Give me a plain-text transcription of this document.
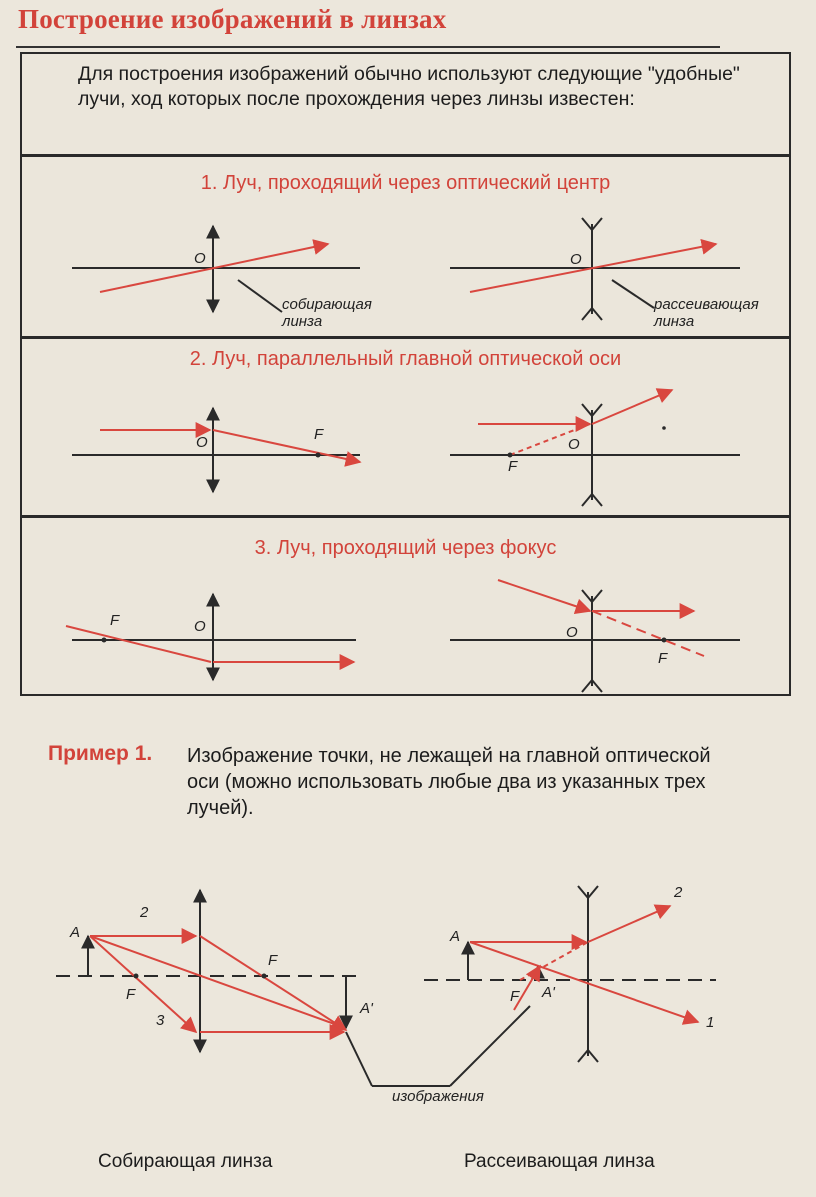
Построение изображений в линзах
Для построения изображений обычно используют следующие "удобные" лучи, ход которых после прохождения через линзы известен:
1. Луч, проходящий через оптический центр
2. Луч, параллельный главной оптической оси
3. Луч, проходящий через фокус
O
собирающая
линза
O
рассеивающая
линза
O	F
O
F
F	O	O
F
Пример 1. Изображение точки, не лежащей на главной оптической оси (можно использовать любые два из указанных трех лучей).
A
2
F
F
3
A'
A
2
F A'
1
изображения
Собирающая линза	Рассеивающая линза
